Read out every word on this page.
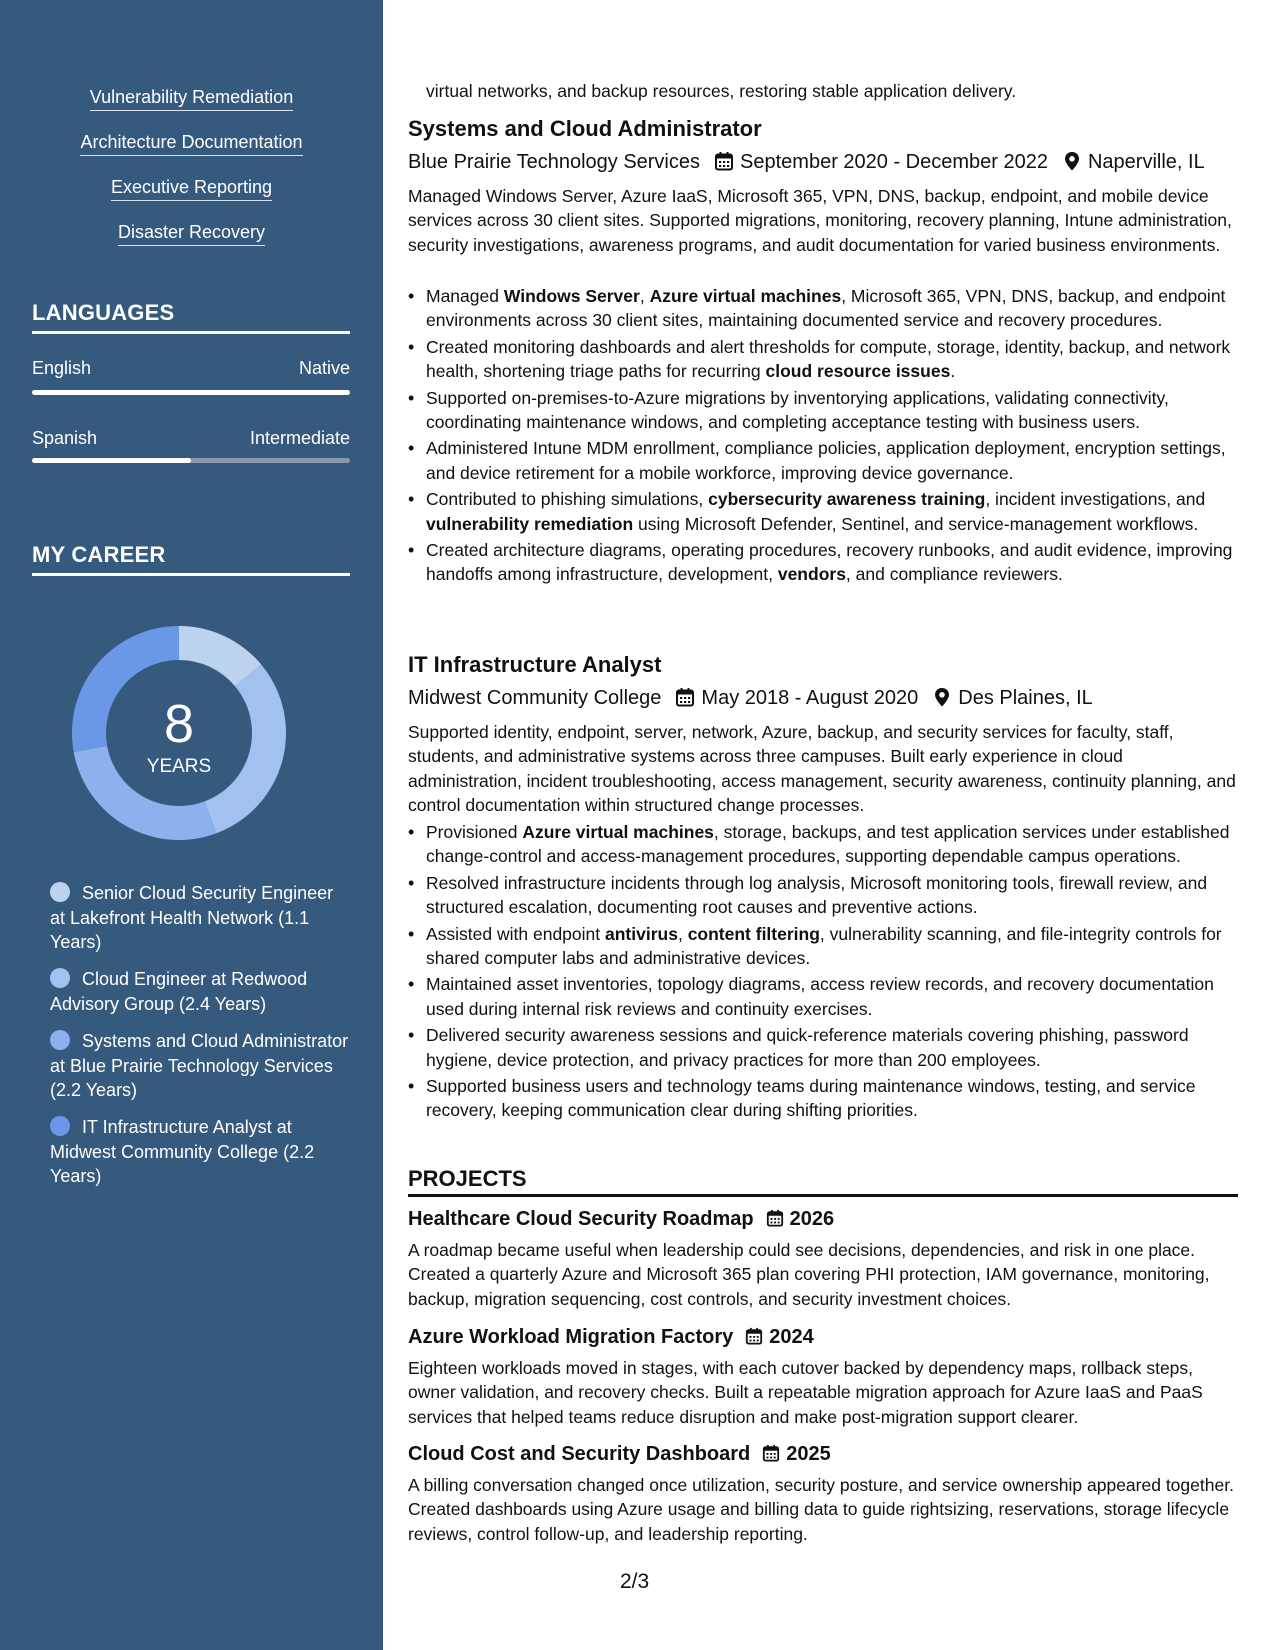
Vulnerability Remediation
Architecture Documentation
Executive Reporting
Disaster Recovery
LANGUAGES
English	Native
Spanish	Intermediate
MY CAREER
8
YEARS
Senior Cloud Security Engineer at Lakefront Health Network (1.1 Years)
Cloud Engineer at Redwood Advisory Group (2.4 Years)
Systems and Cloud Administrator at Blue Prairie Technology Services (2.2 Years)
IT Infrastructure Analyst at Midwest Community College (2.2 Years)
virtual networks, and backup resources, restoring stable application delivery.
Systems and Cloud Administrator
Blue Prairie Technology Services September 2020 - December 2022 Naperville, IL
Managed Windows Server, Azure IaaS, Microsoft 365, VPN, DNS, backup, endpoint, and mobile device services across 30 client sites. Supported migrations, monitoring, recovery planning, Intune administration, security investigations, awareness programs, and audit documentation for varied business environments.
• Managed Windows Server, Azure virtual machines, Microsoft 365, VPN, DNS, backup, and endpoint environments across 30 client sites, maintaining documented service and recovery procedures.
• Created monitoring dashboards and alert thresholds for compute, storage, identity, backup, and network health, shortening triage paths for recurring cloud resource issues.
• Supported on-premises-to-Azure migrations by inventorying applications, validating connectivity, coordinating maintenance windows, and completing acceptance testing with business users.
• Administered Intune MDM enrollment, compliance policies, application deployment, encryption settings, and device retirement for a mobile workforce, improving device governance.
• Contributed to phishing simulations, cybersecurity awareness training, incident investigations, and vulnerability remediation using Microsoft Defender, Sentinel, and service-management workflows.
• Created architecture diagrams, operating procedures, recovery runbooks, and audit evidence, improving handoffs among infrastructure, development, vendors, and compliance reviewers.
IT Infrastructure Analyst
Midwest Community College May 2018 - August 2020 Des Plaines, IL
Supported identity, endpoint, server, network, Azure, backup, and security services for faculty, staff, students, and administrative systems across three campuses. Built early experience in cloud administration, incident troubleshooting, access management, security awareness, continuity planning, and control documentation within structured change processes.
• Provisioned Azure virtual machines, storage, backups, and test application services under established change-control and access-management procedures, supporting dependable campus operations.
• Resolved infrastructure incidents through log analysis, Microsoft monitoring tools, firewall review, and structured escalation, documenting root causes and preventive actions.
• Assisted with endpoint antivirus, content filtering, vulnerability scanning, and file-integrity controls for shared computer labs and administrative devices.
• Maintained asset inventories, topology diagrams, access review records, and recovery documentation used during internal risk reviews and continuity exercises.
• Delivered security awareness sessions and quick-reference materials covering phishing, password hygiene, device protection, and privacy practices for more than 200 employees.
• Supported business users and technology teams during maintenance windows, testing, and service recovery, keeping communication clear during shifting priorities.
PROJECTS
Healthcare Cloud Security Roadmap 2026
A roadmap became useful when leadership could see decisions, dependencies, and risk in one place. Created a quarterly Azure and Microsoft 365 plan covering PHI protection, IAM governance, monitoring, backup, migration sequencing, cost controls, and security investment choices.
Azure Workload Migration Factory 2024
Eighteen workloads moved in stages, with each cutover backed by dependency maps, rollback steps, owner validation, and recovery checks. Built a repeatable migration approach for Azure IaaS and PaaS services that helped teams reduce disruption and make post-migration support clearer.
Cloud Cost and Security Dashboard 2025
A billing conversation changed once utilization, security posture, and service ownership appeared together. Created dashboards using Azure usage and billing data to guide rightsizing, reservations, storage lifecycle reviews, control follow-up, and leadership reporting.
2/3
